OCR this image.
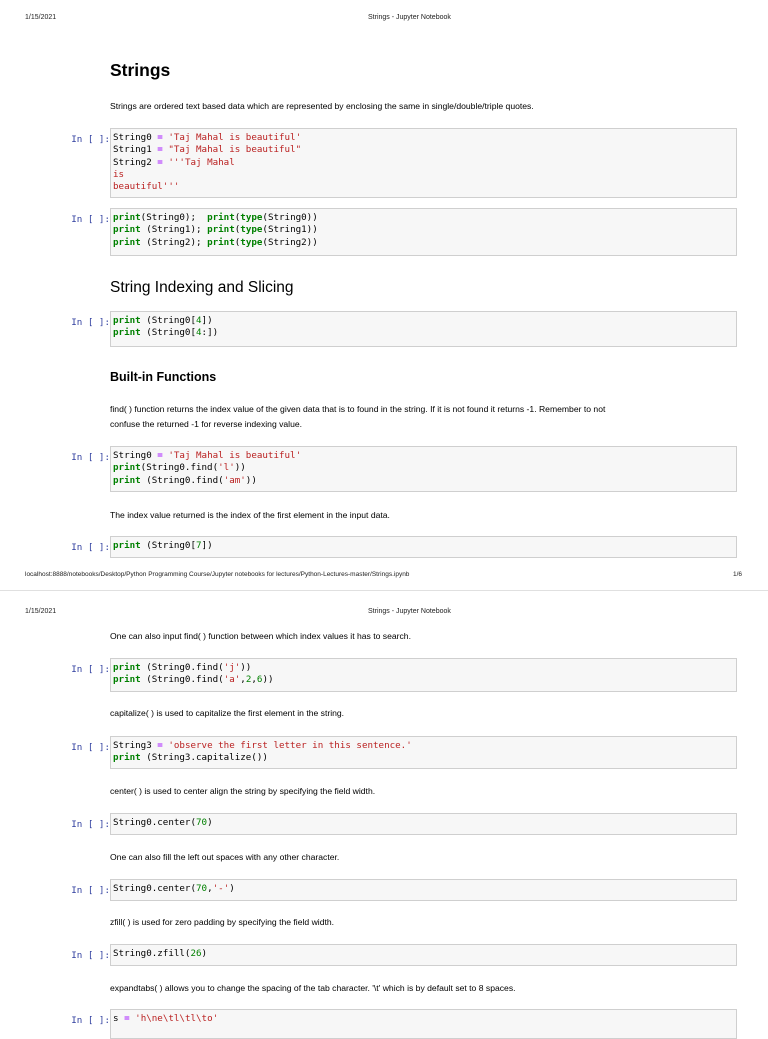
1/15/2021	Strings - Jupyter Notebook
Strings
Strings are ordered text based data which are represented by enclosing the same in single/double/triple quotes.
In [ ]: String0 = 'Taj Mahal is beautiful'
String1 = "Taj Mahal is beautiful"
String2 = '''Taj Mahal
is
beautiful'''
In [ ]: print(String0);  print(type(String0))
print (String1); print(type(String1))
print (String2); print(type(String2))
String Indexing and Slicing
In [ ]: print (String0[4])
print (String0[4:])
Built-in Functions
find( ) function returns the index value of the given data that is to found in the string. If it is not found it returns -1. Remember to not
confuse the returned -1 for reverse indexing value.
In [ ]: String0 = 'Taj Mahal is beautiful'
print(String0.find('l'))
print (String0.find('am'))
The index value returned is the index of the first element in the input data.
In [ ]: print (String0[7])
localhost:8888/notebooks/Desktop/Python Programming Course/Jupyter notebooks for lectures/Python-Lectures-master/Strings.ipynb	1/6
1/15/2021	Strings - Jupyter Notebook
One can also input find( ) function between which index values it has to search.
In [ ]: print (String0.find('j'))
print (String0.find('a',2,6))
capitalize( ) is used to capitalize the first element in the string.
In [ ]: String3 = 'observe the first letter in this sentence.'
print (String3.capitalize())
center( ) is used to center align the string by specifying the field width.
In [ ]: String0.center(70)
One can also fill the left out spaces with any other character.
In [ ]: String0.center(70,'-')
zfill( ) is used for zero padding by specifying the field width.
In [ ]: String0.zfill(26)
expandtabs( ) allows you to change the spacing of the tab character. '\t' which is by default set to 8 spaces.
In [ ]: s = 'h\ne\tl\tl\to'
